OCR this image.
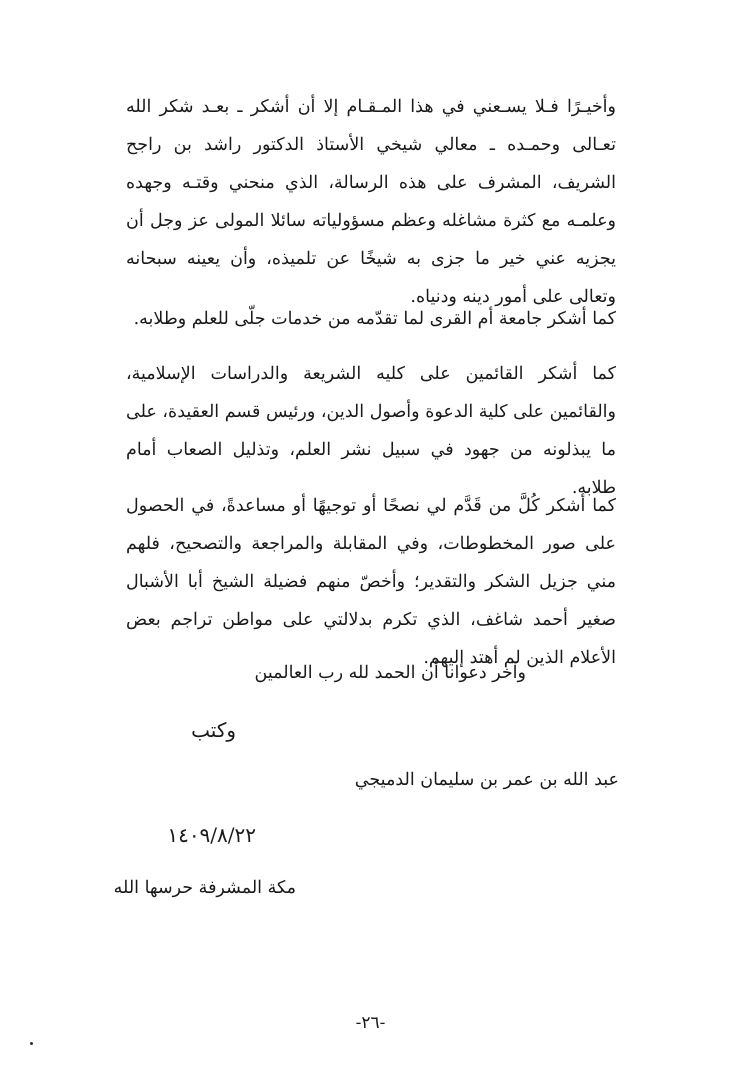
وأخيـرًا فـلا يسـعني في هذا المـقـام إلا أن أشكر ـ بعـد شكر الله تعـالى وحمـده ـ معالي شيخي الأستاذ الدكتور راشد بن راجح الشريف، المشرف على هذه الرسالة، الذي منحني وقتـه وجهده وعلمـه مع كثرة مشاغله وعظم مسؤولياته سائلا المولى عز وجل أن يجزيه عني خير ما جزى به شيخًا عن تلميذه، وأن يعينه سبحانه وتعالى على أمور دينه ودنياه.

كما أشكر جامعة أم القرى لما تقدّمه من خدمات جلّى للعلم وطلابه.

كما أشكر القائمين على كليه الشريعة والدراسات الإسلامية، والقائمين على كلية الدعوة وأصول الدين، ورئيس قسم العقيدة، على ما يبذلونه من جهود في سبيل نشر العلم، وتذليل الصعاب أمام طلابه.

كما أشكر كُلَّ من قَدَّم لي نصحًا أو توجيهًا أو مساعدةً، في الحصول على صور المخطوطات، وفي المقابلة والمراجعة والتصحيح، فلهم مني جزيل الشكر والتقدير؛ وأخصّ منهم فضيلة الشيخ أبا الأشبال صغير أحمد شاغف، الذي تكرم بدلالتي على مواطن تراجم بعض الأعلام الذين لم أهتد إليهم.

وآخر دعوانا أن الحمد لله رب العالمين
وكتب
عبد الله بن عمر بن سليمان الدميجي
١٤٠٩/٨/٢٢
مكة المشرفة حرسها الله
-٢٦-
